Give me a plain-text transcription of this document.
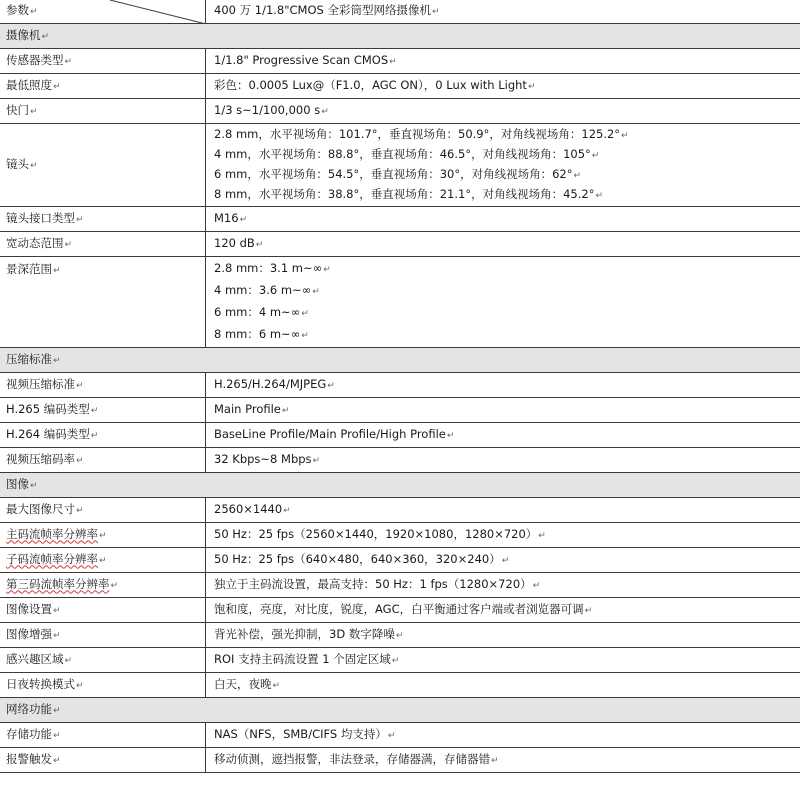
参数↵	400 万 1/1.8"CMOS 全彩筒型网络摄像机↵
摄像机↵	
传感器类型↵	1/1.8" Progressive Scan CMOS↵

最低照度↵	彩色：0.0005 Lux@（F1.0，AGC ON），0 Lux with Light↵

快门↵	1/3 s~1/100,000 s↵

镜头↵	2.8 mm，水平视场角：101.7°，垂直视场角：50.9°，对角线视场角：125.2°↵
4 mm，水平视场角：88.8°，垂直视场角：46.5°，对角线视场角：105°↵
6 mm，水平视场角：54.5°，垂直视场角：30°，对角线视场角：62°↵
8 mm，水平视场角：38.8°，垂直视场角：21.1°，对角线视场角：45.2°↵

镜头接口类型↵	M16↵

宽动态范围↵	120 dB↵

景深范围↵	2.8 mm：3.1 m~∞↵
4 mm：3.6 m~∞↵
6 mm：4 m~∞↵
8 mm：6 m~∞↵

压缩标准↵	
视频压缩标准↵	H.265/H.264/MJPEG↵

H.265 编码类型↵	Main Profile↵

H.264 编码类型↵	BaseLine Profile/Main Profile/High Profile↵

视频压缩码率↵	32 Kbps~8 Mbps↵

图像↵	
最大图像尺寸↵	2560×1440↵

主码流帧率分辨率↵	50 Hz：25 fps（2560×1440，1920×1080，1280×720）↵

子码流帧率分辨率↵	50 Hz：25 fps（640×480，640×360，320×240）↵

第三码流帧率分辨率↵	独立于主码流设置，最高支持：50 Hz：1 fps（1280×720）↵

图像设置↵	饱和度，亮度，对比度，锐度，AGC，白平衡通过客户端或者浏览器可调↵

图像增强↵	背光补偿，强光抑制，3D 数字降噪↵

感兴趣区域↵	ROI 支持主码流设置 1 个固定区域↵

日夜转换模式↵	白天，夜晚↵

网络功能↵	
存储功能↵	NAS（NFS，SMB/CIFS 均支持）↵

报警触发↵	移动侦测，遮挡报警，非法登录，存储器满，存储器错↵
